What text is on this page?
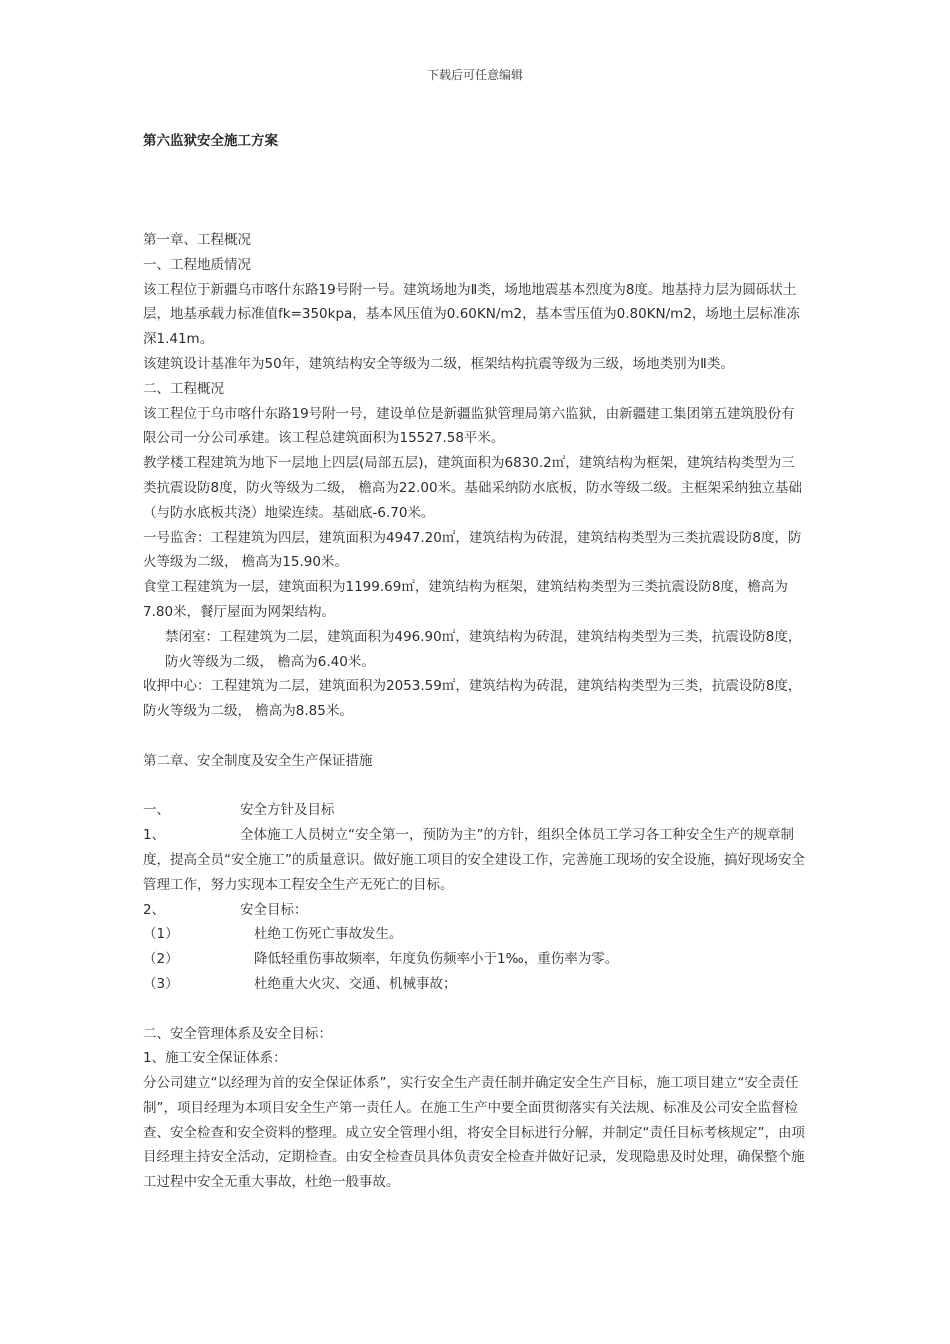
下载后可任意编辑
第六监狱安全施工方案

第一章、工程概况

一、工程地质情况

该工程位于新疆乌市喀什东路19号附一号。建筑场地为Ⅱ类，场地地震基本烈度为8度。地基持力层为圆砾状土层，地基承载力标准值fk=350kpa，基本风压值为0.60KN/m2，基本雪压值为0.80KN/m2，场地土层标准冻深1.41m。

该建筑设计基准年为50年，建筑结构安全等级为二级，框架结构抗震等级为三级，场地类别为Ⅱ类。

二、工程概况

该工程位于乌市喀什东路19号附一号，建设单位是新疆监狱管理局第六监狱，由新疆建工集团第五建筑股份有限公司一分公司承建。该工程总建筑面积为15527.58平米。

教学楼工程建筑为地下一层地上四层(局部五层)，建筑面积为6830.2㎡，建筑结构为框架，建筑结构类型为三类抗震设防8度，防火等级为二级， 檐高为22.00米。基础采纳防水底板，防水等级二级。主框架采纳独立基础（与防水底板共浇）地梁连续。基础底-6.70米。

一号监舍：工程建筑为四层，建筑面积为4947.20㎡，建筑结构为砖混，建筑结构类型为三类抗震设防8度，防火等级为二级， 檐高为15.90米。

食堂工程建筑为一层，建筑面积为1199.69㎡，建筑结构为框架，建筑结构类型为三类抗震设防8度，檐高为7.80米，餐厅屋面为网架结构。

禁闭室：工程建筑为二层，建筑面积为496.90㎡，建筑结构为砖混，建筑结构类型为三类，抗震设防8度，防火等级为二级， 檐高为6.40米。

收押中心：工程建筑为二层，建筑面积为2053.59㎡，建筑结构为砖混，建筑结构类型为三类，抗震设防8度，防火等级为二级， 檐高为8.85米。

第二章、安全制度及安全生产保证措施

一、	安全方针及目标
1、	全体施工人员树立“安全第一，预防为主”的方针，组织全体员工学习各工种安全生产的规章制度，提高全员“安全施工”的质量意识。做好施工项目的安全建设工作，完善施工现场的安全设施，搞好现场安全管理工作，努力实现本工程安全生产无死亡的目标。

2、	安全目标：
（1）	杜绝工伤死亡事故发生。
（2）	降低轻重伤事故频率，年度负伤频率小于1‰，重伤率为零。
（3）	杜绝重大火灾、交通、机械事故；

二、安全管理体系及安全目标：

1、施工安全保证体系：

分公司建立“以经理为首的安全保证体系”，实行安全生产责任制并确定安全生产目标，施工项目建立“安全责任制”，项目经理为本项目安全生产第一责任人。在施工生产中要全面贯彻落实有关法规、标准及公司安全监督检查、安全检查和安全资料的整理。成立安全管理小组，将安全目标进行分解，并制定“责任目标考核规定”，由项目经理主持安全活动，定期检查。由安全检查员具体负责安全检查并做好记录，发现隐患及时处理，确保整个施工过程中安全无重大事故，杜绝一般事故。
